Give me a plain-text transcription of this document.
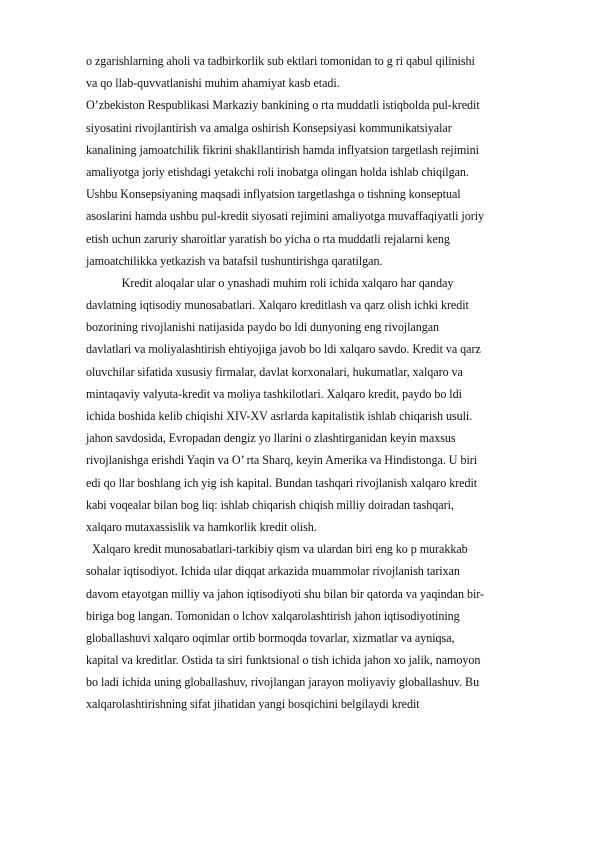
o zgarishlarning aholi va tadbirkorlik sub ektlari tomonidan to g ri qabul qilinishi
va qo llab-quvvatlanishi muhim ahamiyat kasb etadi.
O’zbekiston Respublikasi Markaziy bankining o rta muddatli istiqbolda pul-kredit
siyosatini rivojlantirish va amalga oshirish Konsepsiyasi kommunikatsiyalar
kanalining jamoatchilik fikrini shakllantirish hamda inflyatsion targetlash rejimini
amaliyotga joriy etishdagi yetakchi roli inobatga olingan holda ishlab chiqilgan.
Ushbu Konsepsiyaning maqsadi inflyatsion targetlashga o tishning konseptual
asoslarini hamda ushbu pul-kredit siyosati rejimini amaliyotga muvaffaqiyatli joriy
etish uchun zaruriy sharoitlar yaratish bo yicha o rta muddatli rejalarni keng
jamoatchilikka yetkazish va batafsil tushuntirishga qaratilgan.
Kredit aloqalar ular o ynashadi muhim roli ichida xalqaro har qanday
davlatning iqtisodiy munosabatlari. Xalqaro kreditlash va qarz olish ichki kredit
bozorining rivojlanishi natijasida paydo bo ldi dunyoning eng rivojlangan
davlatlari va moliyalashtirish ehtiyojiga javob bo ldi xalqaro savdo. Kredit va qarz
oluvchilar sifatida xususiy firmalar, davlat korxonalari, hukumatlar, xalqaro va
mintaqaviy valyuta-kredit va moliya tashkilotlari. Xalqaro kredit, paydo bo ldi
ichida boshida kelib chiqishi XIV-XV asrlarda kapitalistik ishlab chiqarish usuli.
jahon savdosida, Evropadan dengiz yo llarini o zlashtirganidan keyin maxsus
rivojlanishga erishdi Yaqin va O’ rta Sharq, keyin Amerika va Hindistonga. U biri
edi qo llar boshlang ich yig ish kapital. Bundan tashqari rivojlanish xalqaro kredit
kabi voqealar bilan bog liq: ishlab chiqarish chiqish milliy doiradan tashqari,
xalqaro mutaxassislik va hamkorlik kredit olish.
Xalqaro kredit munosabatlari-tarkibiy qism va ulardan biri eng ko p murakkab
sohalar iqtisodiyot. Ichida ular diqqat arkazida muammolar rivojlanish tarixan
davom etayotgan milliy va jahon iqtisodiyoti shu bilan bir qatorda va yaqindan bir-
biriga bog langan. Tomonidan o lchov xalqarolashtirish jahon iqtisodiyotining
globallashuvi xalqaro oqimlar ortib bormoqda tovarlar, xizmatlar va ayniqsa,
kapital va kreditlar. Ostida ta siri funktsional o tish ichida jahon xo jalik, namoyon
bo ladi ichida uning globallashuv, rivojlangan jarayon moliyaviy globallashuv. Bu
xalqarolashtirishning sifat jihatidan yangi bosqichini belgilaydi kredit
